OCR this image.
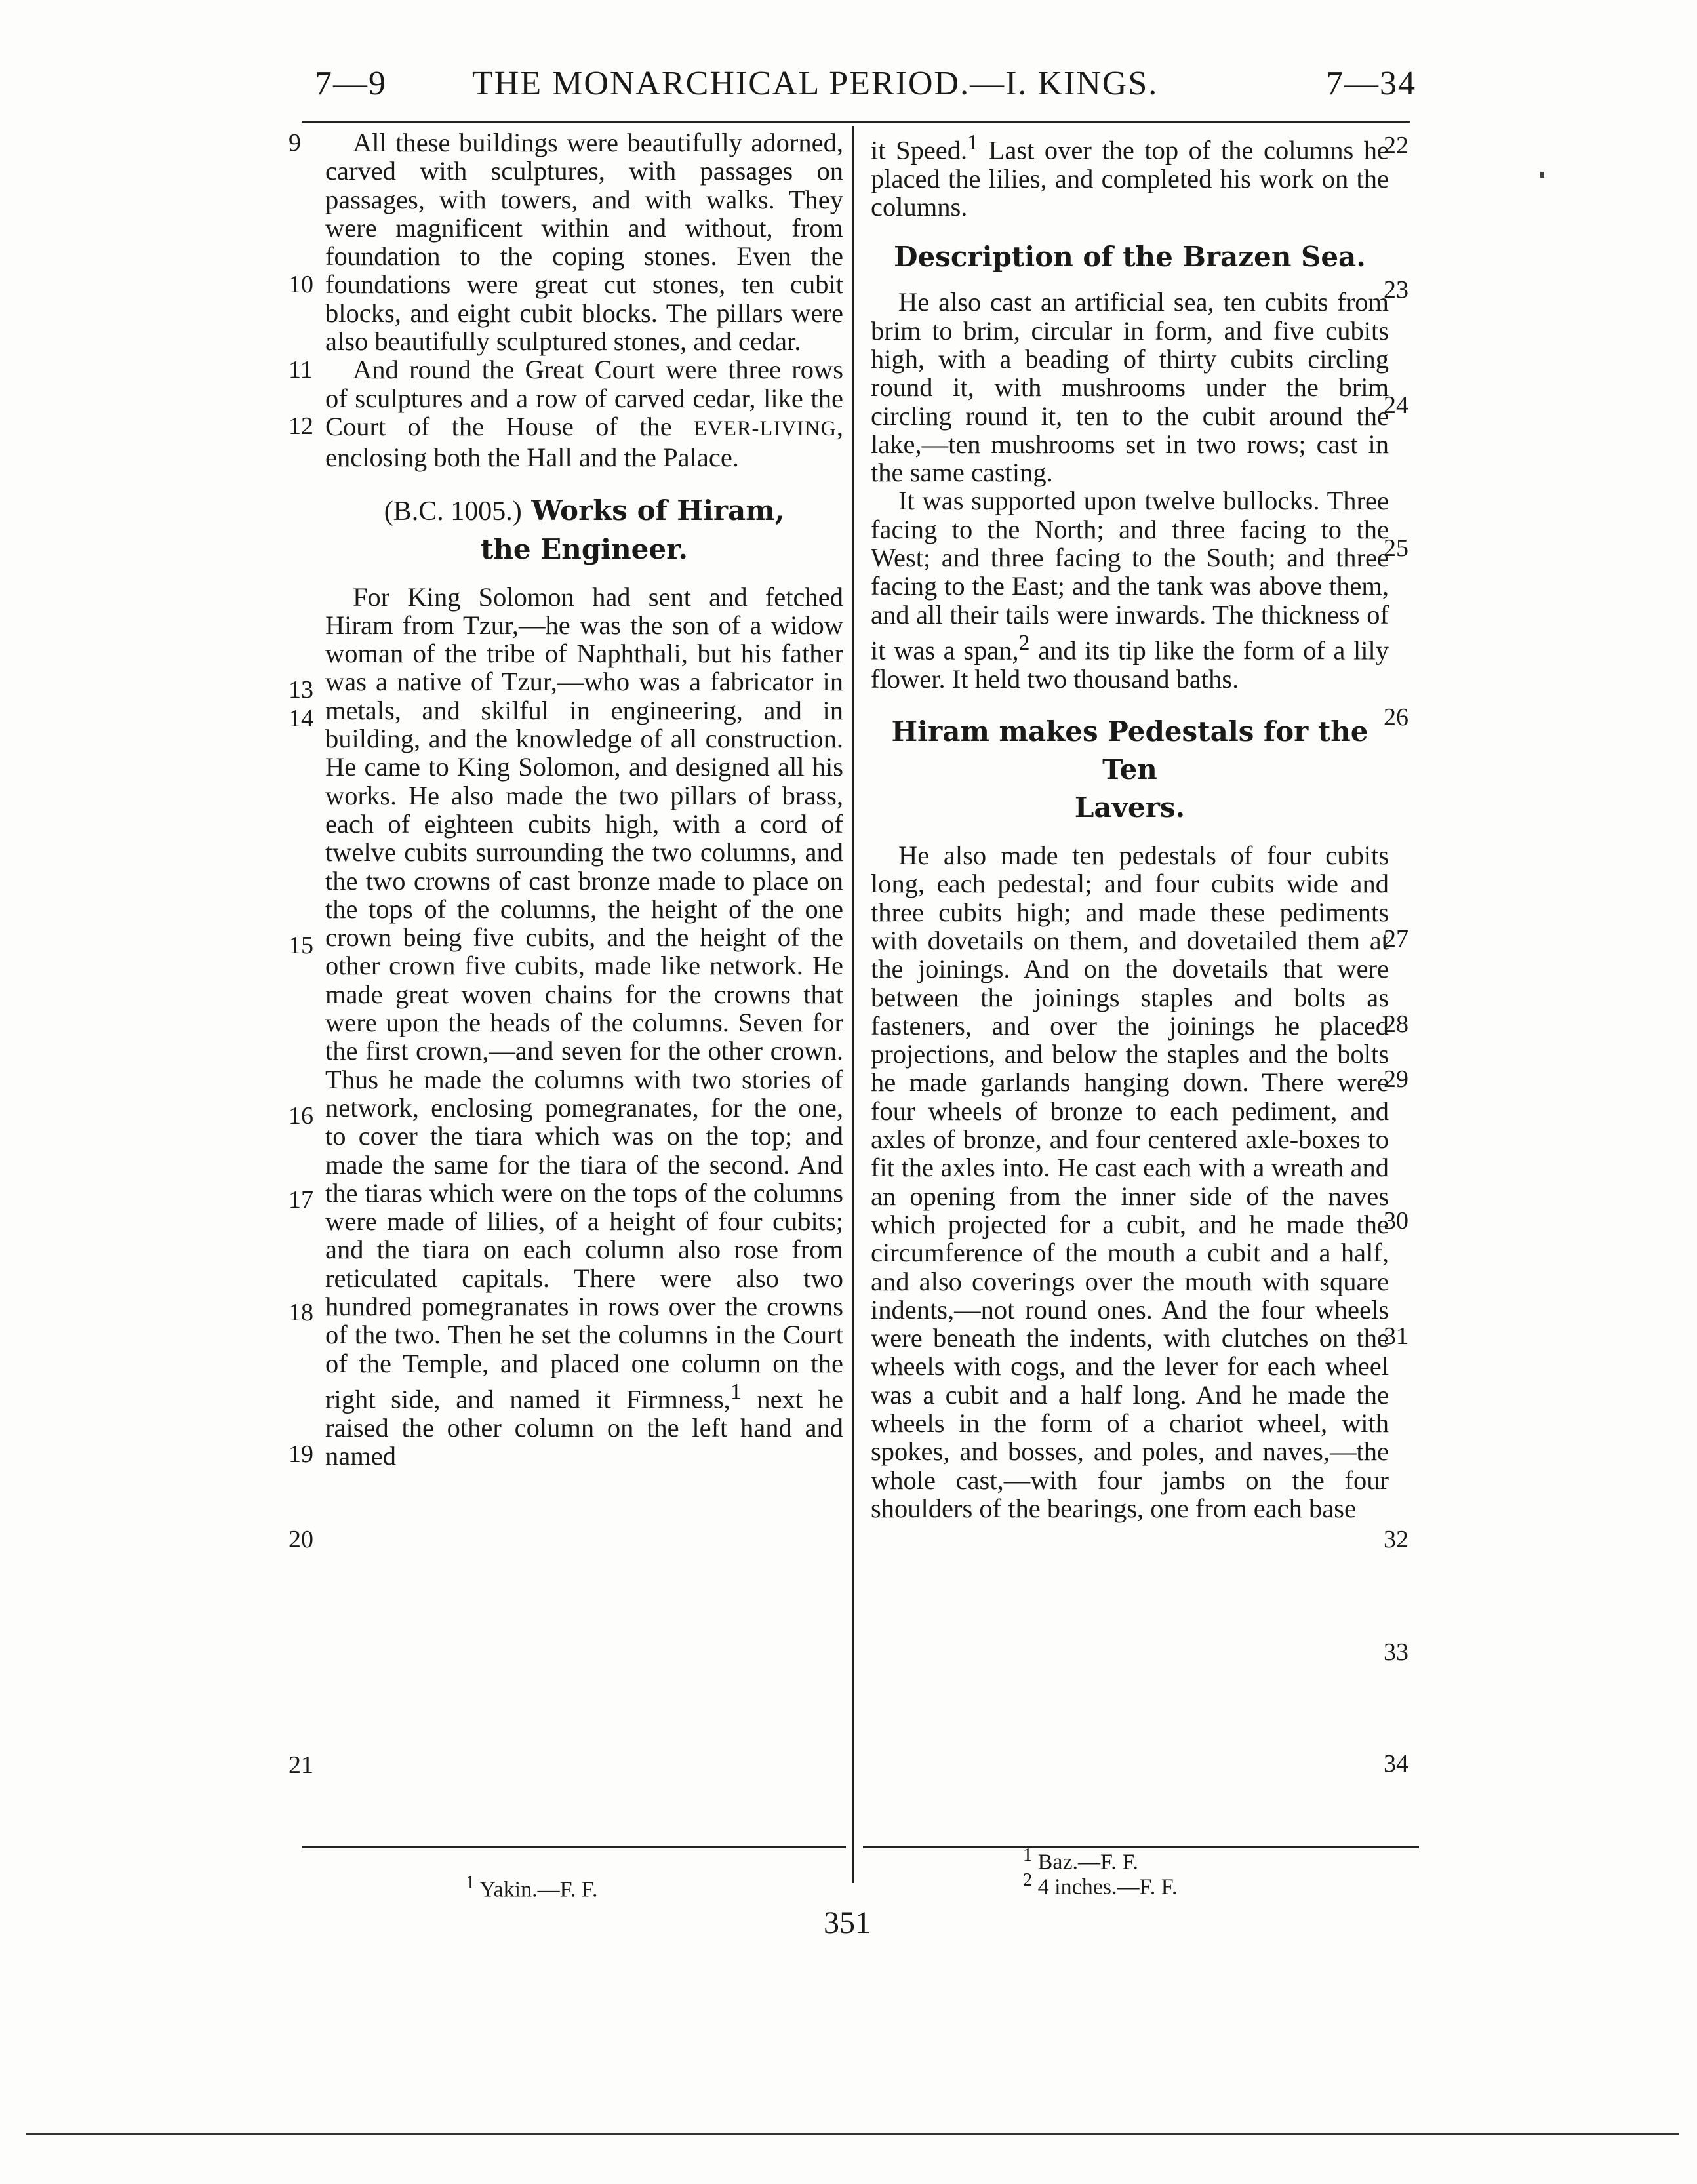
7—9	THE MONARCHICAL PERIOD.—I. KINGS.	7—34

All these buildings were beautifully adorned, carved with sculptures, with passages on passages, with towers, and with walks. They were magnificent within and without, from foundation to the coping stones. Even the foundations were great cut stones, ten cubit blocks, and eight cubit blocks. The pillars were also beautifully sculptured stones, and cedar.

And round the Great Court were three rows of sculptures and a row of carved cedar, like the Court of the House of the EVER-LIVING, enclosing both the Hall and the Palace.

(B.C. 1005.) Works of Hiram,
the Engineer.

For King Solomon had sent and fetched Hiram from Tzur,—he was the son of a widow woman of the tribe of Naphthali, but his father was a native of Tzur,—who was a fabricator in metals, and skilful in engineering, and in building, and the knowledge of all construction. He came to King Solomon, and designed all his works. He also made the two pillars of brass, each of eighteen cubits high, with a cord of twelve cubits surrounding the two columns, and the two crowns of cast bronze made to place on the tops of the columns, the height of the one crown being five cubits, and the height of the other crown five cubits, made like network. He made great woven chains for the crowns that were upon the heads of the columns. Seven for the first crown,—and seven for the other crown. Thus he made the columns with two stories of network, enclosing pomegranates, for the one, to cover the tiara which was on the top; and made the same for the tiara of the second. And the tiaras which were on the tops of the columns were made of lilies, of a height of four cubits; and the tiara on each column also rose from reticulated capitals. There were also two hundred pomegranates in rows over the crowns of the two. Then he set the columns in the Court of the Temple, and placed one column on the right side, and named it Firmness,$^1$ next he raised the other column on the left hand and named

it Speed.$^1$ Last over the top of the columns he placed the lilies, and completed his work on the columns.

Description of the Brazen Sea.

He also cast an artificial sea, ten cubits from brim to brim, circular in form, and five cubits high, with a beading of thirty cubits circling round it, with mushrooms under the brim circling round it, ten to the cubit around the lake,—ten mushrooms set in two rows; cast in the same casting.

It was supported upon twelve bullocks. Three facing to the North; and three facing to the West; and three facing to the South; and three facing to the East; and the tank was above them, and all their tails were inwards. The thickness of it was a span,$^2$ and its tip like the form of a lily flower. It held two thousand baths.

Hiram makes Pedestals for the Ten
Lavers.

He also made ten pedestals of four cubits long, each pedestal; and four cubits wide and three cubits high; and made these pediments with dovetails on them, and dovetailed them at the joinings. And on the dovetails that were between the joinings staples and bolts as fasteners, and over the joinings he placed projections, and below the staples and the bolts he made garlands hanging down. There were four wheels of bronze to each pediment, and axles of bronze, and four centered axle-boxes to fit the axles into. He cast each with a wreath and an opening from the inner side of the naves which projected for a cubit, and he made the circumference of the mouth a cubit and a half, and also coverings over the mouth with square indents,—not round ones. And the four wheels were beneath the indents, with clutches on the wheels with cogs, and the lever for each wheel was a cubit and a half long. And he made the wheels in the form of a chariot wheel, with spokes, and bosses, and poles, and naves,—the whole cast,—with four jambs on the four shoulders of the bearings, one from each base

9
10
11
12
13
14
15
16
17
18
19
20
21
22
23
24
25
26
27
28
29
30
31
32
33
34
$^1$ Yakin.—F. F.
$^1$ Baz.—F. F.
$^2$ 4 inches.—F. F.
351
